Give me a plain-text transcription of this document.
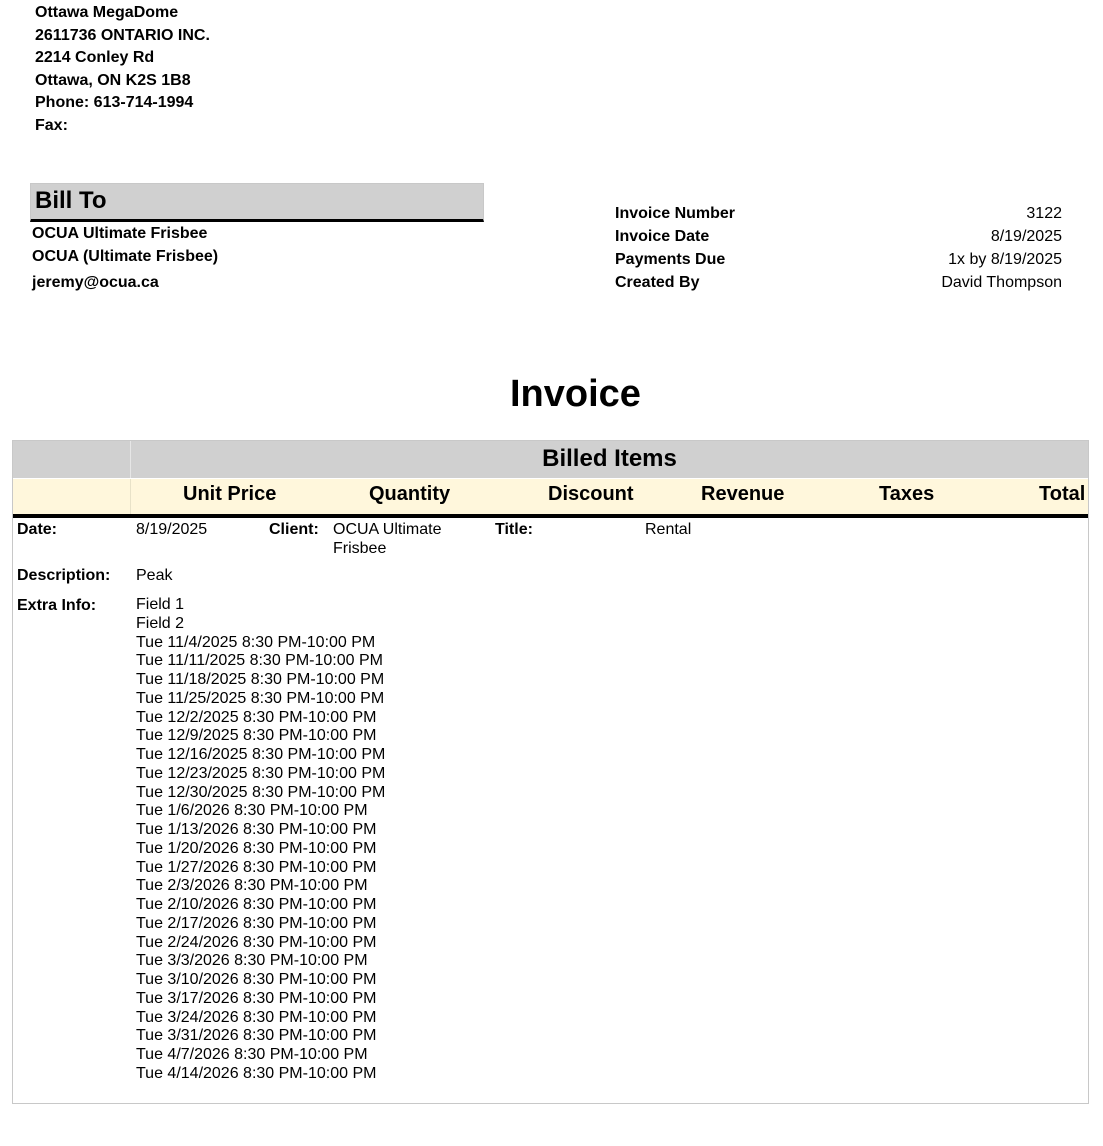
Ottawa MegaDome
2611736 ONTARIO INC.
2214 Conley Rd
Ottawa, ON K2S 1B8
Phone: 613-714-1994
Fax:
Bill To
OCUA Ultimate Frisbee
OCUA (Ultimate Frisbee)
jeremy@ocua.ca
Invoice Number	3122
Invoice Date	8/19/2025
Payments Due	1x by 8/19/2025
Created By	David Thompson
Invoice
Billed Items
Unit Price	Quantity	Discount	Revenue	Taxes	Total
Date:	8/19/2025	Client: OCUA Ultimate
Frisbee
Title:	Rental
Description: Peak
Extra Info: Field 1
Field 2
Tue 11/4/2025 8:30 PM-10:00 PM
Tue 11/11/2025 8:30 PM-10:00 PM
Tue 11/18/2025 8:30 PM-10:00 PM
Tue 11/25/2025 8:30 PM-10:00 PM
Tue 12/2/2025 8:30 PM-10:00 PM
Tue 12/9/2025 8:30 PM-10:00 PM
Tue 12/16/2025 8:30 PM-10:00 PM
Tue 12/23/2025 8:30 PM-10:00 PM
Tue 12/30/2025 8:30 PM-10:00 PM
Tue 1/6/2026 8:30 PM-10:00 PM
Tue 1/13/2026 8:30 PM-10:00 PM
Tue 1/20/2026 8:30 PM-10:00 PM
Tue 1/27/2026 8:30 PM-10:00 PM
Tue 2/3/2026 8:30 PM-10:00 PM
Tue 2/10/2026 8:30 PM-10:00 PM
Tue 2/17/2026 8:30 PM-10:00 PM
Tue 2/24/2026 8:30 PM-10:00 PM
Tue 3/3/2026 8:30 PM-10:00 PM
Tue 3/10/2026 8:30 PM-10:00 PM
Tue 3/17/2026 8:30 PM-10:00 PM
Tue 3/24/2026 8:30 PM-10:00 PM
Tue 3/31/2026 8:30 PM-10:00 PM
Tue 4/7/2026 8:30 PM-10:00 PM
Tue 4/14/2026 8:30 PM-10:00 PM
